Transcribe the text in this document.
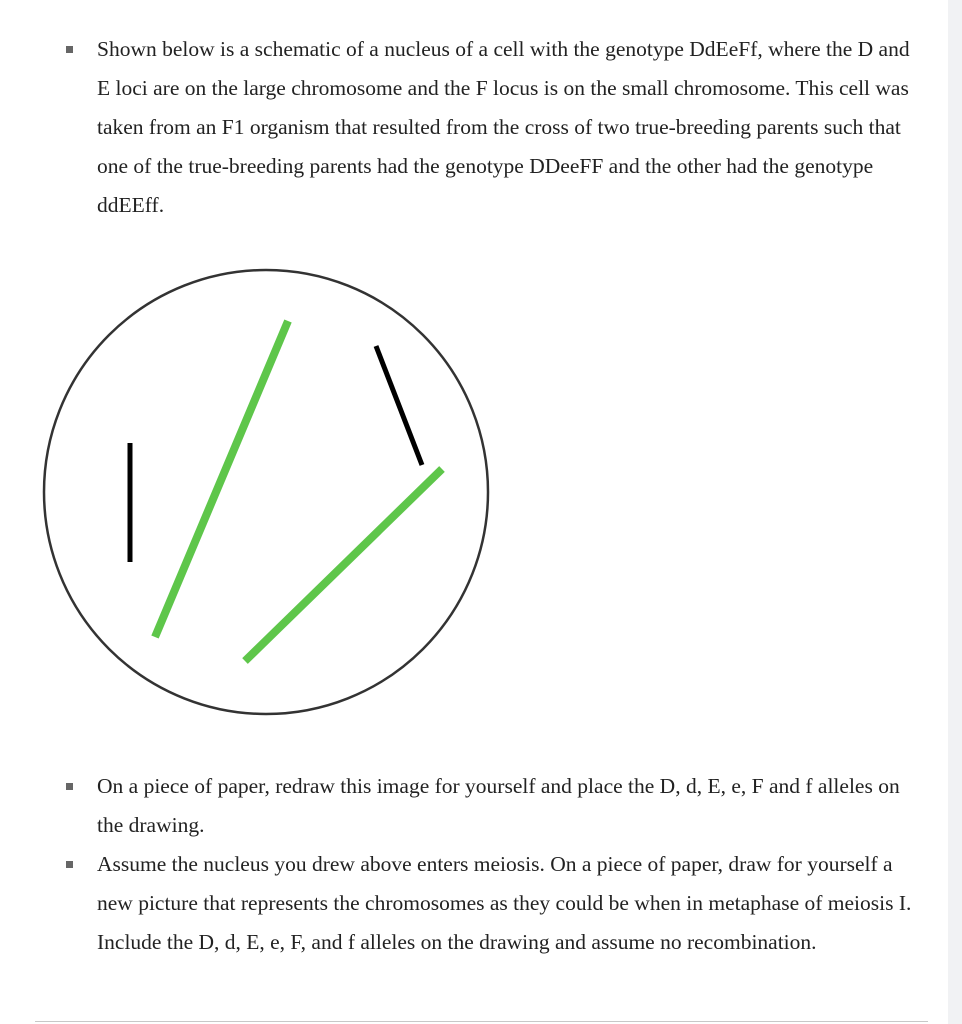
Shown below is a schematic of a nucleus of a cell with the genotype DdEeFf, where the D and E loci are on the large chromosome and the F locus is on the small chromosome. This cell was taken from an F1 organism that resulted from the cross of two true-breeding parents such that one of the true-breeding parents had the genotype DDeeFF and the other had the genotype ddEEff.
On a piece of paper, redraw this image for yourself and place the D, d, E, e, F and f alleles on the drawing.
Assume the nucleus you drew above enters meiosis. On a piece of paper, draw for yourself a new picture that represents the chromosomes as they could be when in metaphase of meiosis I. Include the D, d, E, e, F, and f alleles on the drawing and assume no recombination.
